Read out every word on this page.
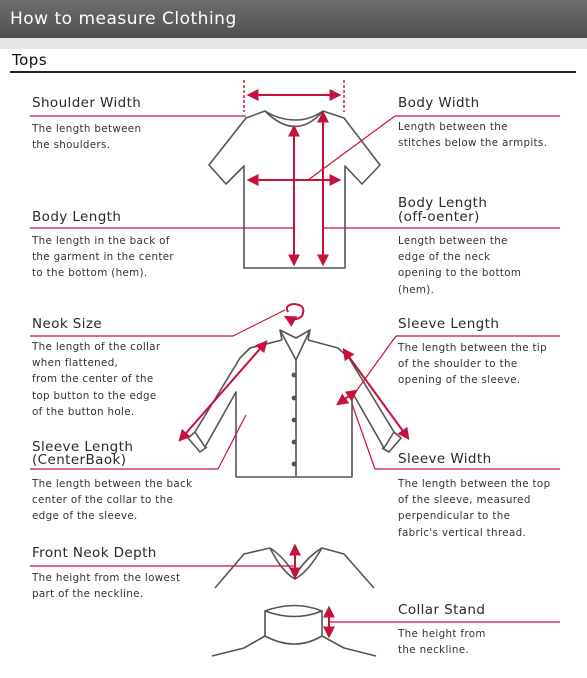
How to measure Clothing
Tops
Shoulder Width
The length between
the shoulders.
Body Length
The length in the back of
the garment in the center
to the bottom (hem).
Neok Size
The length of the collar
when flattened,
from the center of the
top button to the edge
of the button hole.
Sleeve Length
(CenterBaok)
The length between the back
center of the collar to the
edge of the sleeve.
Front Neok Depth
The height from the lowest
part of the neckline.
Body Width
Length between the
stitches below the armpits.
Body Length
(off-oenter)
Length between the
edge of the neck
opening to the bottom
(hem).
Sleeve Length
The length between the tip
of the shoulder to the
opening of the sleeve.
Sleeve Width
The length between the top
of the sleeve, measured
perpendicular to the
fabric's vertical thread.
Collar Stand
The height from
the neckline.
